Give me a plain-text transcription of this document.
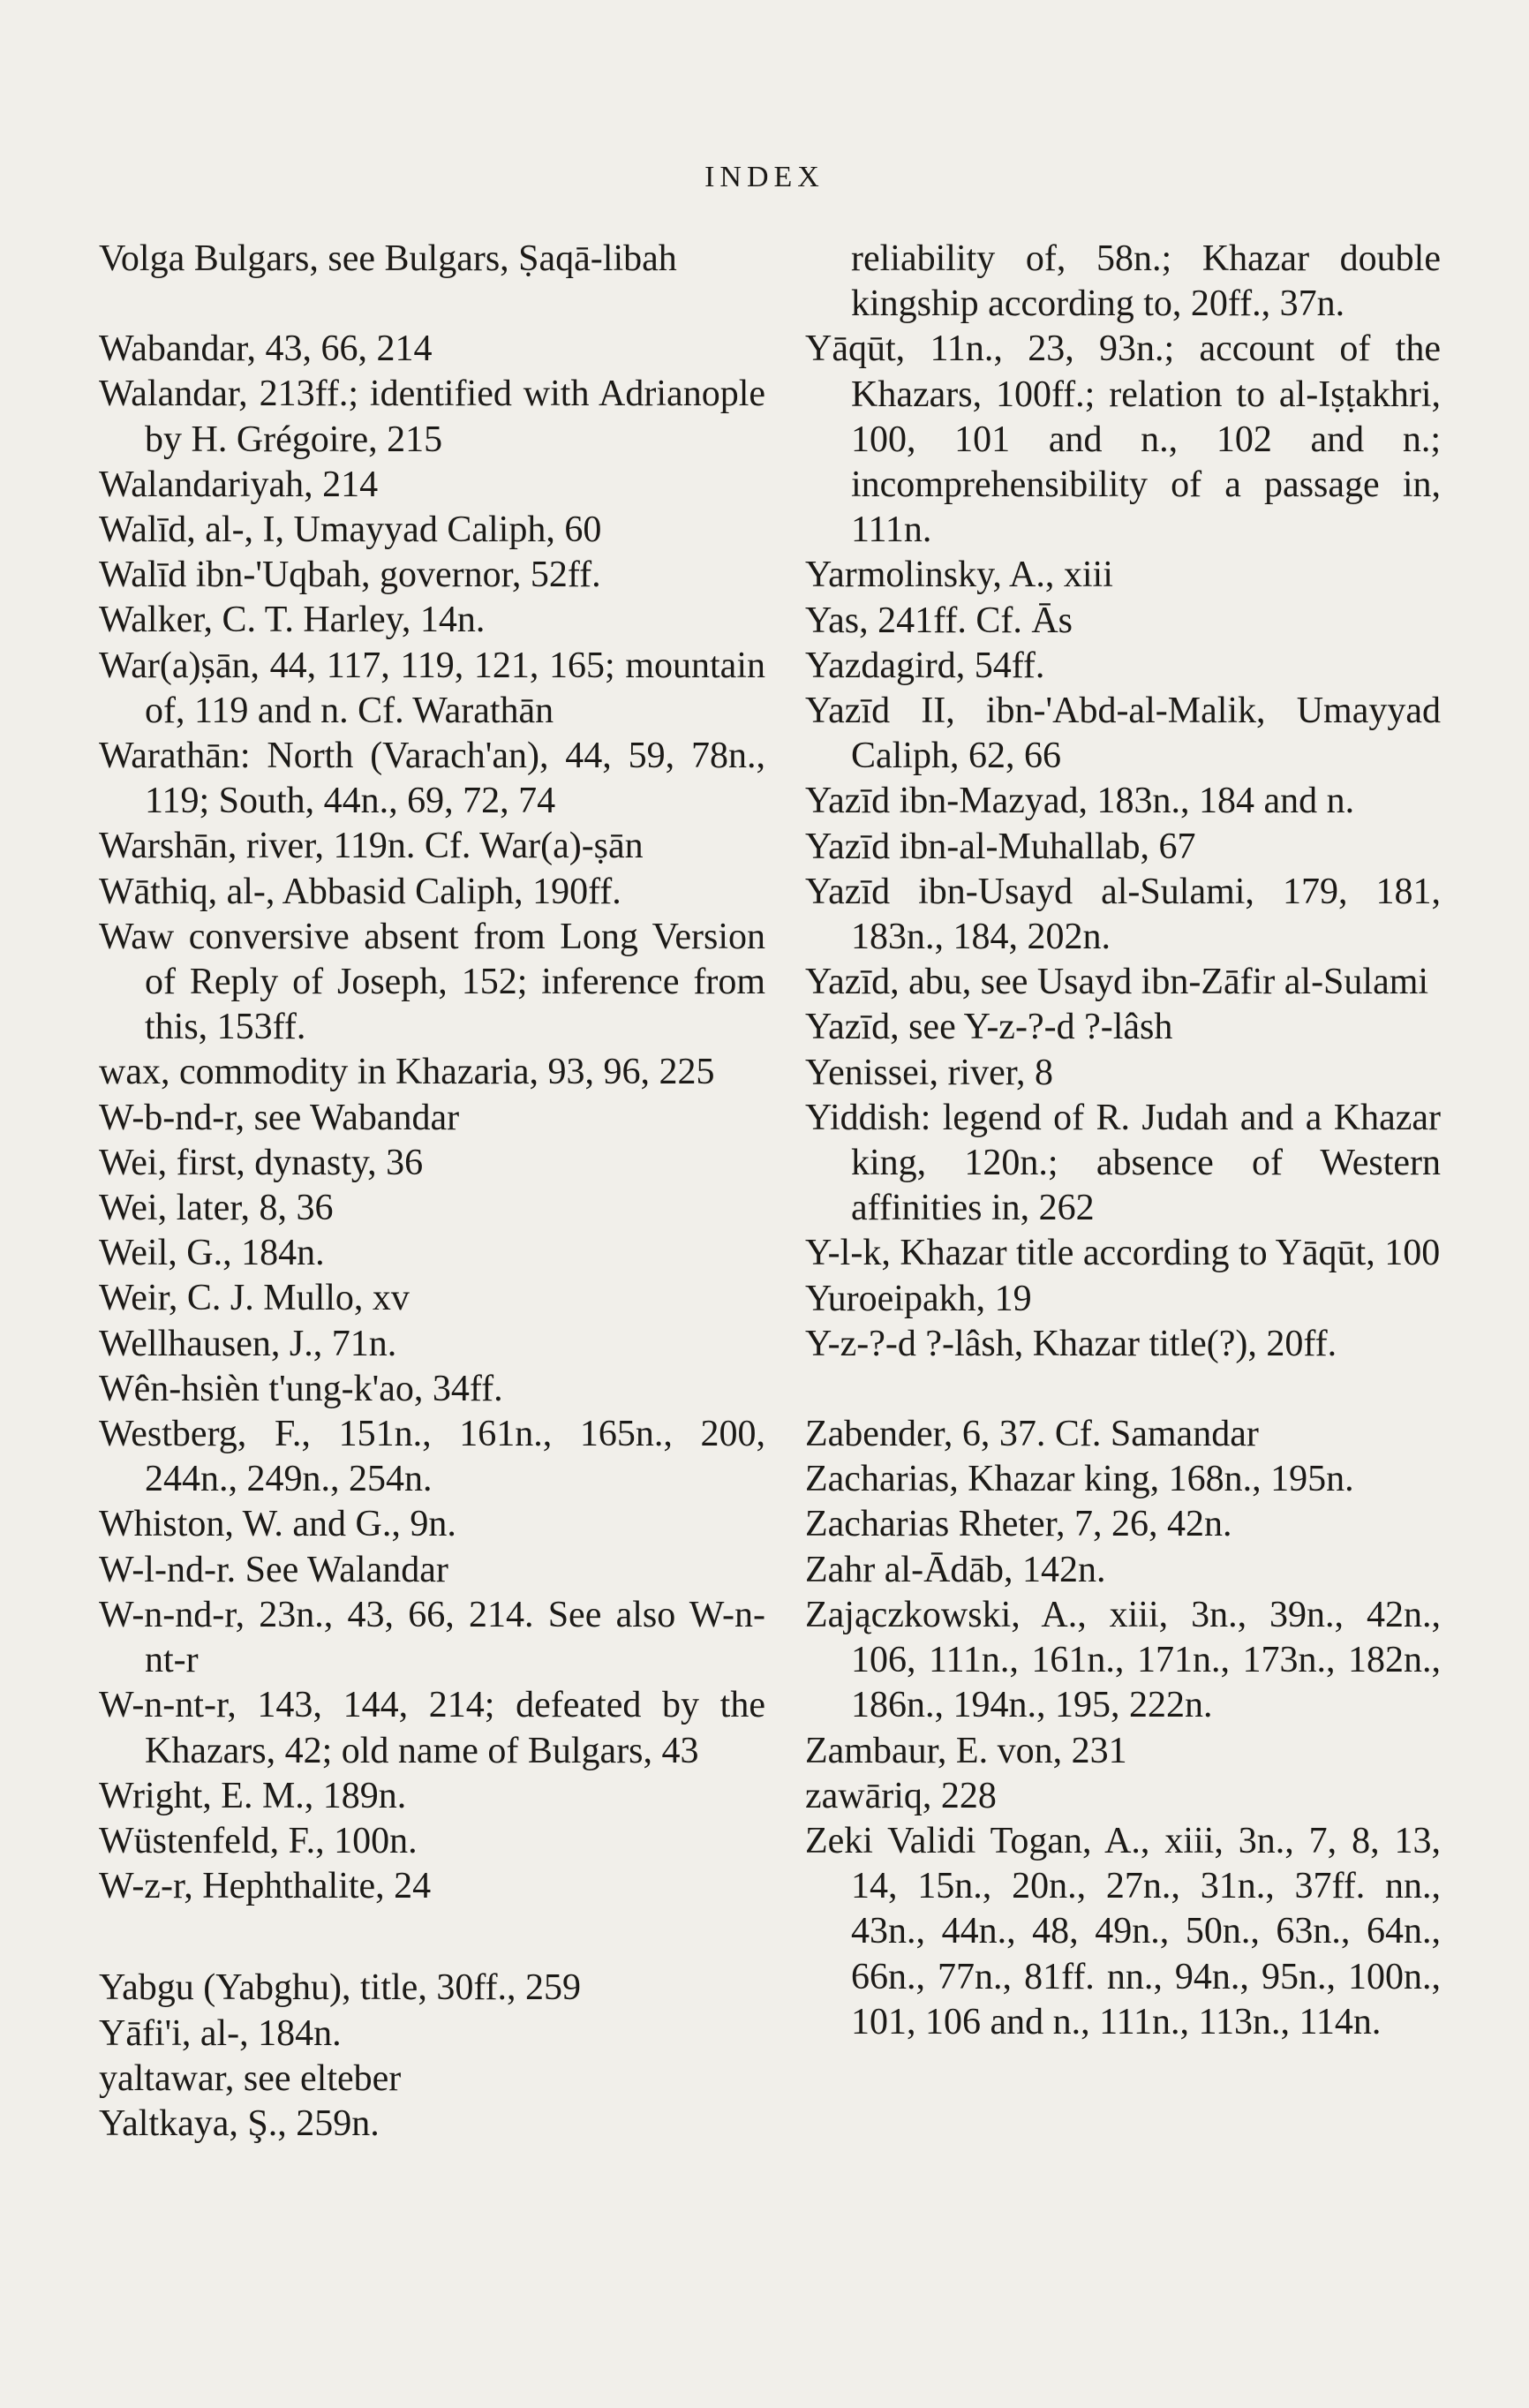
INDEX

Volga Bulgars, see Bulgars, Ṣaqā-libah

Wabandar, 43, 66, 214

Walandar, 213ff.; identified with Adrianople by H. Grégoire, 215

Walandariyah, 214

Walīd, al-, I, Umayyad Caliph, 60

Walīd ibn-'Uqbah, governor, 52ff.

Walker, C. T. Harley, 14n.

War(a)ṣān, 44, 117, 119, 121, 165; mountain of, 119 and n. Cf. Warathān

Warathān: North (Varach'an), 44, 59, 78n., 119; South, 44n., 69, 72, 74

Warshān, river, 119n. Cf. War(a)-ṣān

Wāthiq, al-, Abbasid Caliph, 190ff.

Waw conversive absent from Long Version of Reply of Joseph, 152; inference from this, 153ff.

wax, commodity in Khazaria, 93, 96, 225

W-b-nd-r, see Wabandar

Wei, first, dynasty, 36

Wei, later, 8, 36

Weil, G., 184n.

Weir, C. J. Mullo, xv

Wellhausen, J., 71n.

Wên-hsièn t'ung-k'ao, 34ff.

Westberg, F., 151n., 161n., 165n., 200, 244n., 249n., 254n.

Whiston, W. and G., 9n.

W-l-nd-r. See Walandar

W-n-nd-r, 23n., 43, 66, 214. See also W-n-nt-r

W-n-nt-r, 143, 144, 214; defeated by the Khazars, 42; old name of Bulgars, 43

Wright, E. M., 189n.

Wüstenfeld, F., 100n.

W-z-r, Hephthalite, 24

Yabgu (Yabghu), title, 30ff., 259

Yāfi'i, al-, 184n.

yaltawar, see elteber

Yaltkaya, Ş., 259n.

reliability of, 58n.; Khazar double kingship according to, 20ff., 37n.

Yāqūt, 11n., 23, 93n.; account of the Khazars, 100ff.; relation to al-Iṣṭakhri, 100, 101 and n., 102 and n.; incomprehensibility of a passage in, 111n.

Yarmolinsky, A., xiii

Yas, 241ff. Cf. Ās

Yazdagird, 54ff.

Yazīd II, ibn-'Abd-al-Malik, Umayyad Caliph, 62, 66

Yazīd ibn-Mazyad, 183n., 184 and n.

Yazīd ibn-al-Muhallab, 67

Yazīd ibn-Usayd al-Sulami, 179, 181, 183n., 184, 202n.

Yazīd, abu, see Usayd ibn-Zāfir al-Sulami

Yazīd, see Y-z-?-d ?-lâsh

Yenissei, river, 8

Yiddish: legend of R. Judah and a Khazar king, 120n.; absence of Western affinities in, 262

Y-l-k, Khazar title according to Yāqūt, 100

Yuroeipakh, 19

Y-z-?-d ?-lâsh, Khazar title(?), 20ff.

Zabender, 6, 37. Cf. Samandar

Zacharias, Khazar king, 168n., 195n.

Zacharias Rheter, 7, 26, 42n.

Zahr al-Ādāb, 142n.

Zajączkowski, A., xiii, 3n., 39n., 42n., 106, 111n., 161n., 171n., 173n., 182n., 186n., 194n., 195, 222n.

Zambaur, E. von, 231

zawāriq, 228

Zeki Validi Togan, A., xiii, 3n., 7, 8, 13, 14, 15n., 20n., 27n., 31n., 37ff. nn., 43n., 44n., 48, 49n., 50n., 63n., 64n., 66n., 77n., 81ff. nn., 94n., 95n., 100n., 101, 106 and n., 111n., 113n., 114n.
